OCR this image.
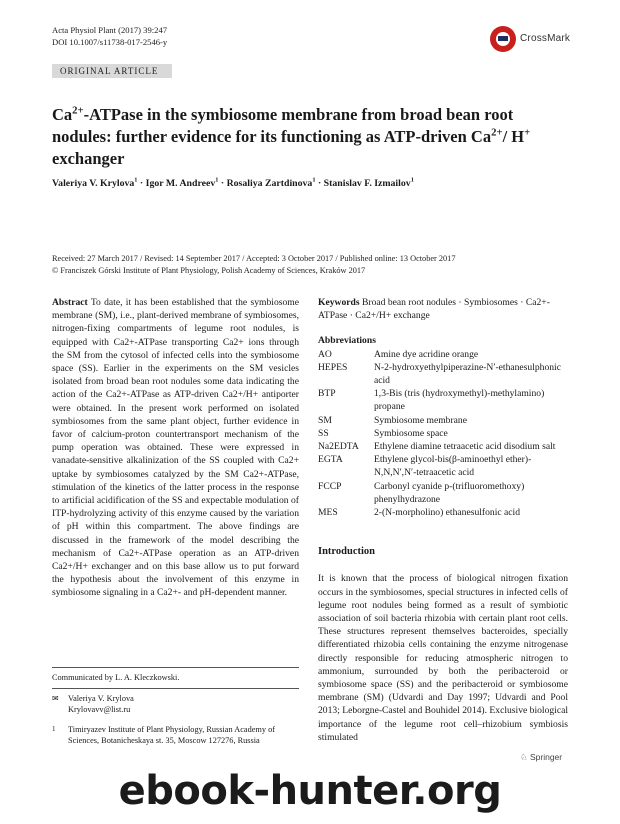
Acta Physiol Plant (2017) 39:247
DOI 10.1007/s11738-017-2546-y	CrossMark
ORIGINAL ARTICLE
$Ca^{2+}$-ATPase in the symbiosome membrane from broad bean root nodules: further evidence for its functioning as ATP-driven $Ca^{2+}/$ H+ exchanger
Valeriya V. Krylova$^1$ · Igor M. Andreev$^1$ · Rosaliya Zartdinova$^1$ · Stanislav F. Izmailov$^1$
Received: 27 March 2017 / Revised: 14 September 2017 / Accepted: 3 October 2017 / Published online: 13 October 2017
© Franciszek Górski Institute of Plant Physiology, Polish Academy of Sciences, Kraków 2017
Abstract To date, it has been established that the symbiosome membrane (SM), i.e., plant-derived membrane of symbiosomes, nitrogen-fixing compartments of legume root nodules, is equipped with Ca2+-ATPase transporting Ca2+ ions through the SM from the cytosol of infected cells into the symbiosome space (SS). Earlier in the experiments on the SM vesicles isolated from broad bean root nodules some data indicating the action of the Ca2+-ATPase as ATP-driven Ca2+/H+ antiporter were obtained. In the present work performed on isolated symbiosomes from the same plant object, further evidence in favor of calcium-proton countertransport mechanism of the pump operation was obtained. These were expressed in vanadate-sensitive alkalinization of the SS coupled with Ca2+ uptake by symbiosomes catalyzed by the SM Ca2+-ATPase, stimulation of the kinetics of the latter process in the response to artificial acidification of the SS and expectable modulation of ITP-hydrolyzing activity of this enzyme caused by the variation of pH within this compartment. The above findings are discussed in the framework of the model describing the mechanism of Ca2+-ATPase operation as an ATP-driven Ca2+/H+ exchanger and on this base allow us to put forward the hypothesis about the involvement of this enzyme in symbiosome signaling in a Ca2+- and pH-dependent manner.
Communicated by L. A. Kleczkowski.
✉	Valeriya V. Krylova
Krylovavv@list.ru
1	Timiryazev Institute of Plant Physiology, Russian Academy of Sciences, Botanicheskaya st. 35, Moscow 127276, Russia
Keywords Broad bean root nodules · Symbiosomes · Ca2+-ATPase · Ca2+/H+ exchange
Abbreviations
AO	Amine dye acridine orange
HEPES	N-2-hydroxyethylpiperazine-N′-ethanesulphonic acid
BTP	1,3-Bis (tris (hydroxymethyl)-methylamino) propane
SM	Symbiosome membrane
SS	Symbiosome space
Na2EDTA	Ethylene diamine tetraacetic acid disodium salt
EGTA	Ethylene glycol-bis(β-aminoethyl ether)-N,N,N′,N′-tetraacetic acid
FCCP	Carbonyl cyanide p-(trifluoromethoxy) phenylhydrazone
MES	2-(N-morpholino) ethanesulfonic acid
Introduction
It is known that the process of biological nitrogen fixation occurs in the symbiosomes, special structures in infected cells of legume root nodules being formed as a result of symbiotic association of soil bacteria rhizobia with certain plant root cells. These structures represent themselves bacteroides, specially differentiated rhizobia cells containing the enzyme nitrogenase directly responsible for reducing atmospheric nitrogen to ammonium, surrounded by both the peribacteroid or symbiosome space (SS) and the peribacteroid or symbiosome membrane (SM) (Udvardi and Day 1997; Udvardi and Pool 2013; Leborgne-Castel and Bouhidel 2014). Exclusive biological importance of the legume root cell–rhizobium symbiosis stimulated
♘ Springer
ebook-hunter.org
